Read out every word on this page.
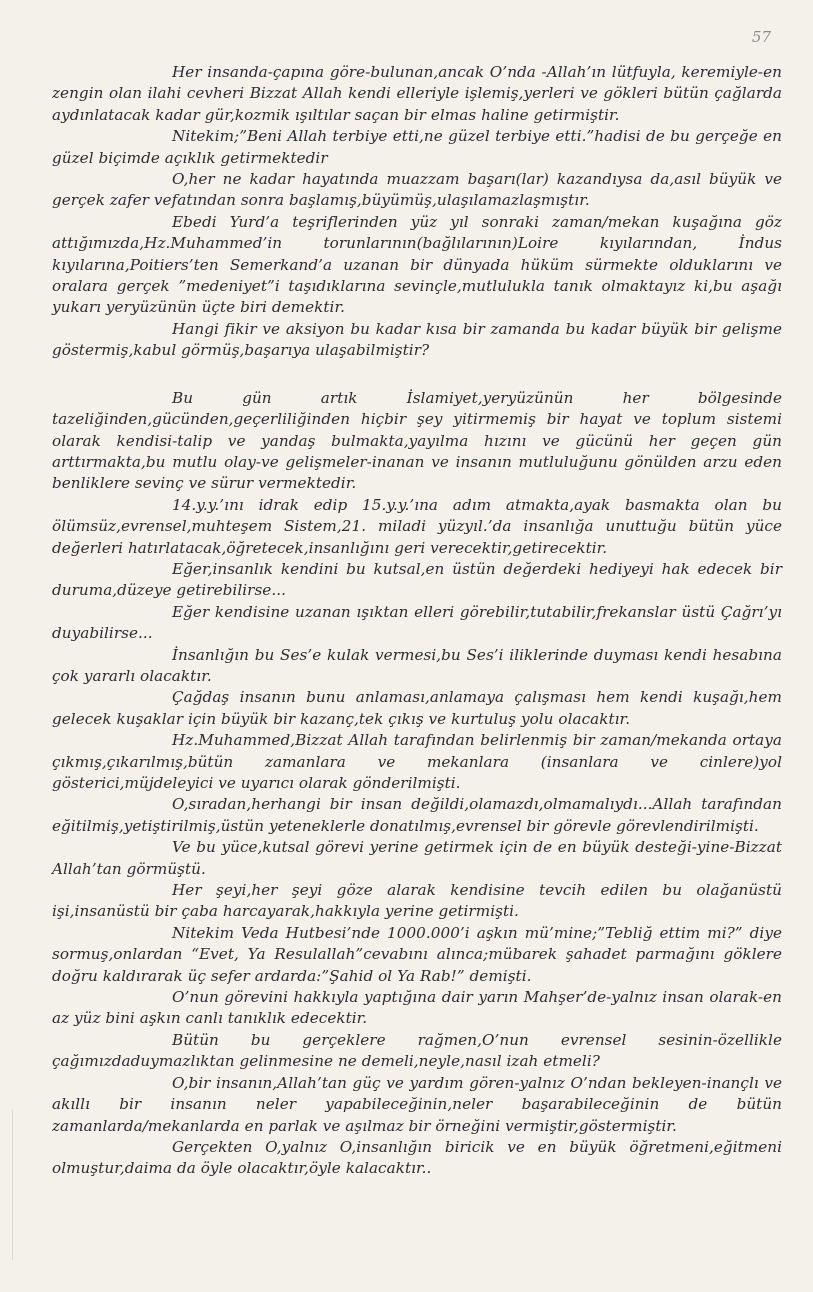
57

Her insanda-çapına göre-bulunan,ancak O’nda -Allah’ın lütfuyla, keremiyle-en zengin olan ilahi cevheri Bizzat Allah kendi elleriyle işlemiş,yerleri ve gökleri bütün çağlarda aydınlatacak kadar gür,kozmik ışıltılar saçan bir elmas haline getirmiştir.

Nitekim;”Beni Allah terbiye etti,ne güzel terbiye etti.”hadisi de bu gerçeğe en güzel biçimde açıklık getirmektedir

O,her ne kadar hayatında muazzam başarı(lar) kazandıysa da,asıl büyük ve gerçek zafer vefatından sonra başlamış,büyümüş,ulaşılamazlaşmıştır.

Ebedi Yurd’a teşriflerinden yüz yıl sonraki zaman/mekan kuşağına göz attığımızda,Hz.Muhammed’in torunlarının(bağlılarının)Loire kıyılarından, İndus kıyılarına,Poitiers’ten Semerkand’a uzanan bir dünyada hüküm sürmekte olduklarını ve oralara gerçek ”medeniyet”i taşıdıklarına sevinçle,mutlulukla tanık olmaktayız ki,bu aşağı yukarı yeryüzünün üçte biri demektir.

Hangi fikir ve aksiyon bu kadar kısa bir zamanda bu kadar büyük bir gelişme göstermiş,kabul görmüş,başarıya ulaşabilmiştir?

Bu gün artık İslamiyet,yeryüzünün her bölgesinde tazeliğinden,gücünden,geçerliliğinden hiçbir şey yitirmemiş bir hayat ve toplum sistemi olarak kendisi-talip ve yandaş bulmakta,yayılma hızını ve gücünü her geçen gün arttırmakta,bu mutlu olay-ve gelişmeler-inanan ve insanın mutluluğunu gönülden arzu eden benliklere sevinç ve sürur vermektedir.

14.y.y.’ını idrak edip 15.y.y.’ına adım atmakta,ayak basmakta olan bu ölümsüz,evrensel,muhteşem Sistem,21. miladi yüzyıl.’da insanlığa unuttuğu bütün yüce değerleri hatırlatacak,öğretecek,insanlığını geri verecektir,getirecektir.

Eğer,insanlık kendini bu kutsal,en üstün değerdeki hediyeyi hak edecek bir duruma,düzeye getirebilirse...

Eğer kendisine uzanan ışıktan elleri görebilir,tutabilir,frekanslar üstü Çağrı’yı duyabilirse...

İnsanlığın bu Ses’e kulak vermesi,bu Ses’i iliklerinde duyması kendi hesabına çok yararlı olacaktır.

Çağdaş insanın bunu anlaması,anlamaya çalışması hem kendi kuşağı,hem gelecek kuşaklar için büyük bir kazanç,tek çıkış ve kurtuluş yolu olacaktır.

Hz.Muhammed,Bizzat Allah tarafından belirlenmiş bir zaman/mekanda ortaya çıkmış,çıkarılmış,bütün zamanlara ve mekanlara (insanlara ve cinlere)yol gösterici,müjdeleyici ve uyarıcı olarak gönderilmişti.

O,sıradan,herhangi bir insan değildi,olamazdı,olmamalıydı...Allah tarafından eğitilmiş,yetiştirilmiş,üstün yeteneklerle donatılmış,evrensel bir görevle görevlendirilmişti.

Ve bu yüce,kutsal görevi yerine getirmek için de en büyük desteği-yine-Bizzat Allah’tan görmüştü.

Her şeyi,her şeyi göze alarak kendisine tevcih edilen bu olağanüstü işi,insanüstü bir çaba harcayarak,hakkıyla yerine getirmişti.

Nitekim Veda Hutbesi’nde 1000.000’i aşkın mü’mine;”Tebliğ ettim mi?” diye sormuş,onlardan “Evet, Ya Resulallah”cevabını alınca;mübarek şahadet parmağını göklere doğru kaldırarak üç sefer ardarda:”Şahid ol Ya Rab!” demişti.

O’nun görevini hakkıyla yaptığına dair yarın Mahşer’de-yalnız insan olarak-en az yüz bini aşkın canlı tanıklık edecektir.

Bütün bu gerçeklere rağmen,O’nun evrensel sesinin-özellikle çağımızdaduymazlıktan gelinmesine ne demeli,neyle,nasıl izah etmeli?

O,bir insanın,Allah’tan güç ve yardım gören-yalnız O’ndan bekleyen-inançlı ve akıllı bir insanın neler yapabileceğinin,neler başarabileceğinin de bütün zamanlarda/mekanlarda en parlak ve aşılmaz bir örneğini vermiştir,göstermiştir.

Gerçekten O,yalnız O,insanlığın biricik ve en büyük öğretmeni,eğitmeni olmuştur,daima da öyle olacaktır,öyle kalacaktır..
